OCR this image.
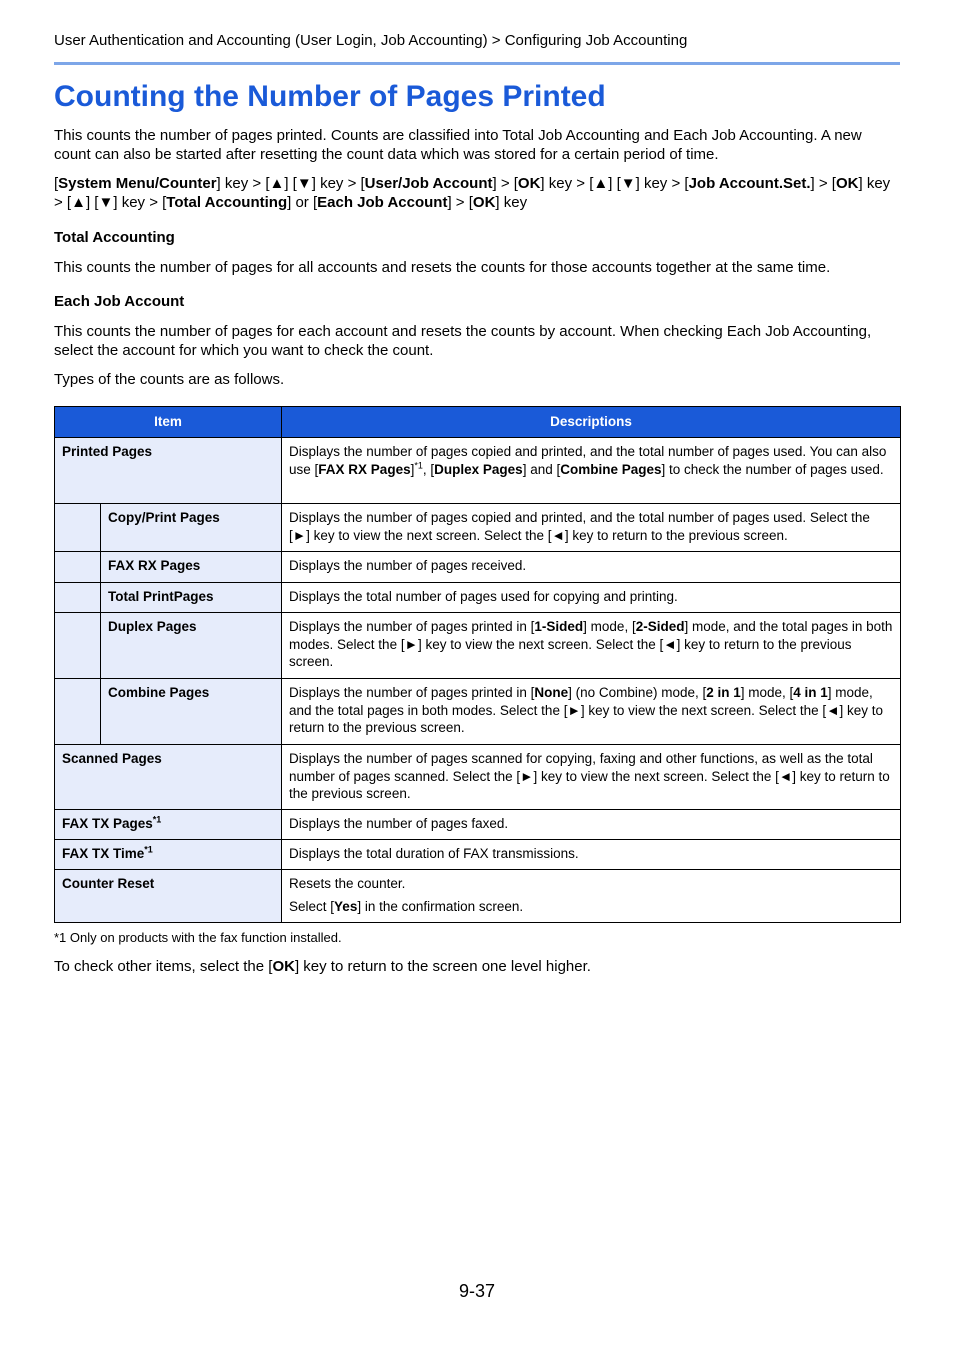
User Authentication and Accounting (User Login, Job Accounting) > Configuring Job Accounting
Counting the Number of Pages Printed

This counts the number of pages printed. Counts are classified into Total Job Accounting and Each Job Accounting. A new count can also be started after resetting the count data which was stored for a certain period of time.

[System Menu/Counter] key > [▲] [▼] key > [User/Job Account] > [OK] key > [▲] [▼] key > [Job Account.Set.] > [OK] key > [▲] [▼] key > [Total Accounting] or [Each Job Account] > [OK] key

Total Accounting

This counts the number of pages for all accounts and resets the counts for those accounts together at the same time.

Each Job Account

This counts the number of pages for each account and resets the counts by account. When checking Each Job Accounting, select the account for which you want to check the count.

Types of the counts are as follows.

Item		Descriptions
Printed Pages		Displays the number of pages copied and printed, and the total number of pages used. You can also use [FAX RX Pages]$^{*1}$, [Duplex Pages] and [Combine Pages] to check the number of pages used.
	Copy/Print Pages	Displays the number of pages copied and printed, and the total number of pages used. Select the [►] key to view the next screen. Select the [◄] key to return to the previous screen.
	FAX RX Pages	Displays the number of pages received.
	Total PrintPages	Displays the total number of pages used for copying and printing.
	Duplex Pages	Displays the number of pages printed in [1-Sided] mode, [2-Sided] mode, and the total pages in both modes. Select the [►] key to view the next screen. Select the [◄] key to return to the previous screen.
	Combine Pages	Displays the number of pages printed in [None] (no Combine) mode, [2 in 1] mode, [4 in 1] mode, and the total pages in both modes. Select the [►] key to view the next screen. Select the [◄] key to return to the previous screen.
Scanned Pages		Displays the number of pages scanned for copying, faxing and other functions, as well as the total number of pages scanned. Select the [►] key to view the next screen. Select the [◄] key to return to the previous screen.
FAX TX Pages$^{*1}$		Displays the number of pages faxed.
FAX TX Time$^{*1}$		Displays the total duration of FAX transmissions.
Counter Reset		Resets the counter.
Select [Yes] in the confirmation screen.
*1 Only on products with the fax function installed.

To check other items, select the [OK] key to return to the screen one level higher.

9-37
